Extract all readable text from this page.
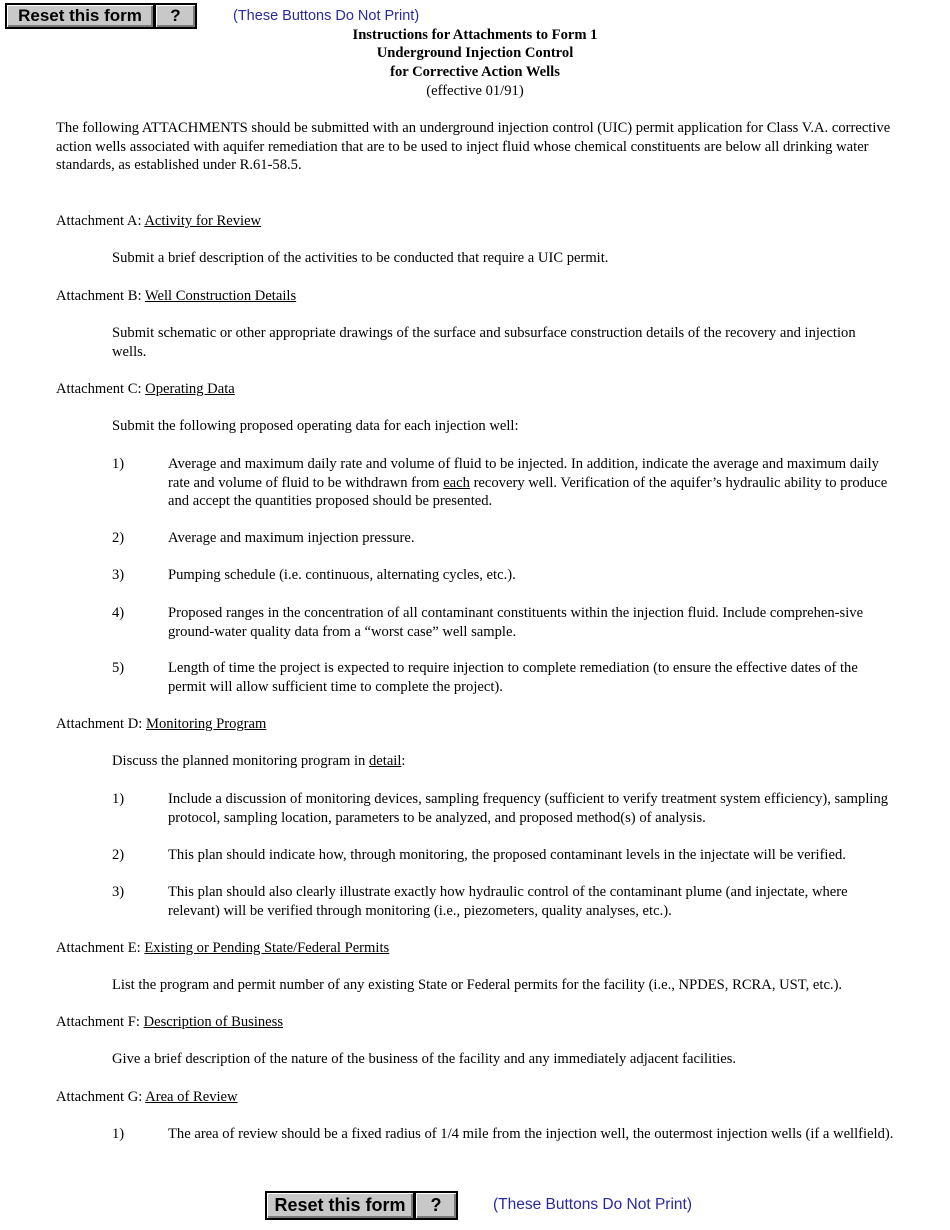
Reset this form	?	(These Buttons Do Not Print)
Instructions for Attachments to Form 1
Underground Injection Control
for Corrective Action Wells
(effective 01/91)
The following ATTACHMENTS should be submitted with an underground injection control (UIC) permit application for Class V.A. corrective action wells associated with aquifer remediation that are to be used to inject fluid whose chemical constituents are below all drinking water standards, as established under R.61-58.5.
Attachment A: Activity for Review
Submit a brief description of the activities to be conducted that require a UIC permit.
Attachment B: Well Construction Details
Submit schematic or other appropriate drawings of the surface and subsurface construction details of the recovery and injection wells.
Attachment C: Operating Data
Submit the following proposed operating data for each injection well:
1)	Average and maximum daily rate and volume of fluid to be injected. In addition, indicate the average and maximum daily rate and volume of fluid to be withdrawn from each recovery well. Verification of the aquifer’s hydraulic ability to produce and accept the quantities proposed should be presented.
2)	Average and maximum injection pressure.
3)	Pumping schedule (i.e. continuous, alternating cycles, etc.).
4)	Proposed ranges in the concentration of all contaminant constituents within the injection fluid. Include comprehen-sive ground-water quality data from a “worst case” well sample.
5)	Length of time the project is expected to require injection to complete remediation (to ensure the effective dates of the permit will allow sufficient time to complete the project).
Attachment D: Monitoring Program
Discuss the planned monitoring program in detail:
1)	Include a discussion of monitoring devices, sampling frequency (sufficient to verify treatment system efficiency), sampling protocol, sampling location, parameters to be analyzed, and proposed method(s) of analysis.
2)	This plan should indicate how, through monitoring, the proposed contaminant levels in the injectate will be verified.
3)	This plan should also clearly illustrate exactly how hydraulic control of the contaminant plume (and injectate, where relevant) will be verified through monitoring (i.e., piezometers, quality analyses, etc.).
Attachment E: Existing or Pending State/Federal Permits
List the program and permit number of any existing State or Federal permits for the facility (i.e., NPDES, RCRA, UST, etc.).
Attachment F: Description of Business
Give a brief description of the nature of the business of the facility and any immediately adjacent facilities.
Attachment G: Area of Review
1)	The area of review should be a fixed radius of 1/4 mile from the injection well, the outermost injection wells (if a wellfield).
Reset this form	?	(These Buttons Do Not Print)
